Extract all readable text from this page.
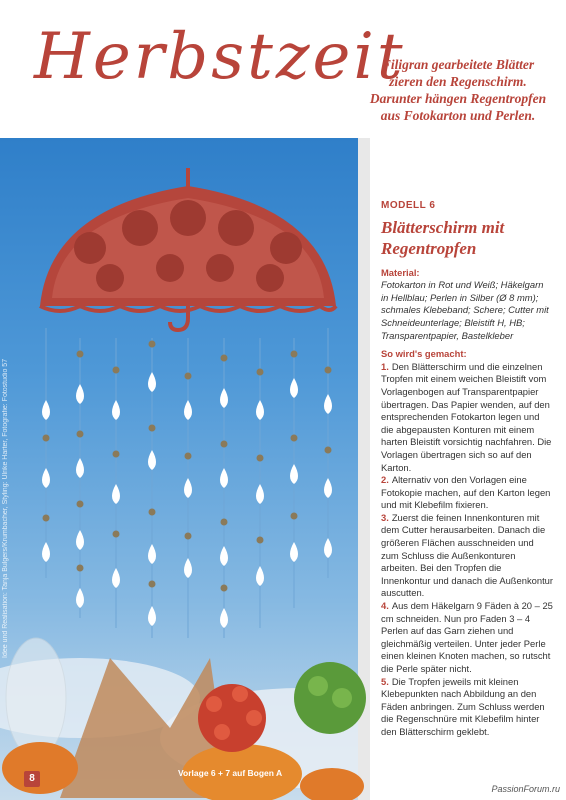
Herbstzeit
Filigran gearbeitete Blätter zieren den Regenschirm. Darunter hängen Regentropfen aus Fotokarton und Perlen.
Idee und Realisation: Tanja Bulgers/Krumbacher, Styling: Ulrike Harter, Fotografie: Fotostudio 57
Vorlage 6 + 7 auf Bogen A
8
MODELL 6
Blätterschirm mit Regentropfen
Material:
Fotokarton in Rot und Weiß; Häkelgarn in Hellblau; Perlen in Silber (Ø 8 mm); schmales Klebeband; Schere; Cutter mit Schneideunterlage; Bleistift H, HB; Transparentpapier, Bastelkleber
So wird's gemacht:

1. Den Blätterschirm und die einzelnen Tropfen mit einem weichen Bleistift vom Vorlagenbogen auf Transparentpapier übertragen. Das Papier wenden, auf den entsprechenden Fotokarton legen und die abgepausten Konturen mit einem harten Bleistift vorsichtig nachfahren. Die Vorlagen übertragen sich so auf den Karton.

2. Alternativ von den Vorlagen eine Fotokopie machen, auf den Karton legen und mit Klebefilm fixieren.

3. Zuerst die feinen Innenkonturen mit dem Cutter herausarbeiten. Danach die größeren Flächen ausschneiden und zum Schluss die Außenkonturen arbeiten. Bei den Tropfen die Innenkontur und danach die Außenkontur auscutten.

4. Aus dem Häkelgarn 9 Fäden à 20 – 25 cm schneiden. Nun pro Faden 3 – 4 Perlen auf das Garn ziehen und gleichmäßig verteilen. Unter jeder Perle einen kleinen Knoten machen, so rutscht die Perle später nicht.

5. Die Tropfen jeweils mit kleinen Klebepunkten nach Abbildung an den Fäden anbringen. Zum Schluss werden die Regenschnüre mit Klebefilm hinter den Blätterschirm geklebt.

PassionForum.ru
